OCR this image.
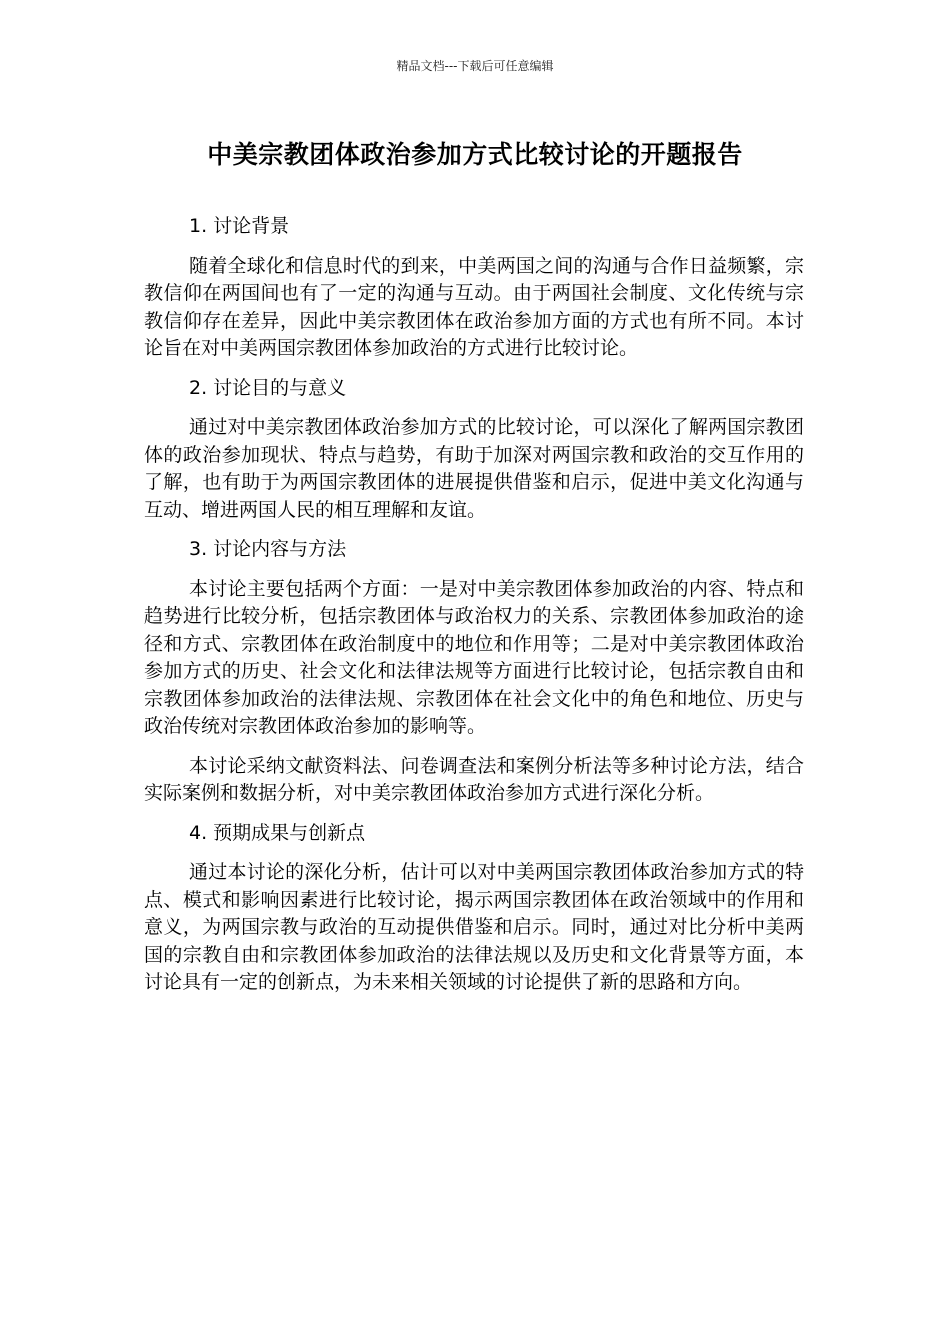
精品文档---下载后可任意编辑
中美宗教团体政治参加方式比较讨论的开题报告
1. 讨论背景

随着全球化和信息时代的到来，中美两国之间的沟通与合作日益频繁，宗教信仰在两国间也有了一定的沟通与互动。由于两国社会制度、文化传统与宗教信仰存在差异，因此中美宗教团体在政治参加方面的方式也有所不同。本讨论旨在对中美两国宗教团体参加政治的方式进行比较讨论。

2. 讨论目的与意义

通过对中美宗教团体政治参加方式的比较讨论，可以深化了解两国宗教团体的政治参加现状、特点与趋势，有助于加深对两国宗教和政治的交互作用的了解，也有助于为两国宗教团体的进展提供借鉴和启示，促进中美文化沟通与互动、增进两国人民的相互理解和友谊。

3. 讨论内容与方法

本讨论主要包括两个方面：一是对中美宗教团体参加政治的内容、特点和趋势进行比较分析，包括宗教团体与政治权力的关系、宗教团体参加政治的途径和方式、宗教团体在政治制度中的地位和作用等；二是对中美宗教团体政治参加方式的历史、社会文化和法律法规等方面进行比较讨论，包括宗教自由和宗教团体参加政治的法律法规、宗教团体在社会文化中的角色和地位、历史与政治传统对宗教团体政治参加的影响等。

本讨论采纳文献资料法、问卷调查法和案例分析法等多种讨论方法，结合实际案例和数据分析，对中美宗教团体政治参加方式进行深化分析。

4. 预期成果与创新点

通过本讨论的深化分析，估计可以对中美两国宗教团体政治参加方式的特点、模式和影响因素进行比较讨论，揭示两国宗教团体在政治领域中的作用和意义，为两国宗教与政治的互动提供借鉴和启示。同时，通过对比分析中美两国的宗教自由和宗教团体参加政治的法律法规以及历史和文化背景等方面，本讨论具有一定的创新点，为未来相关领域的讨论提供了新的思路和方向。
